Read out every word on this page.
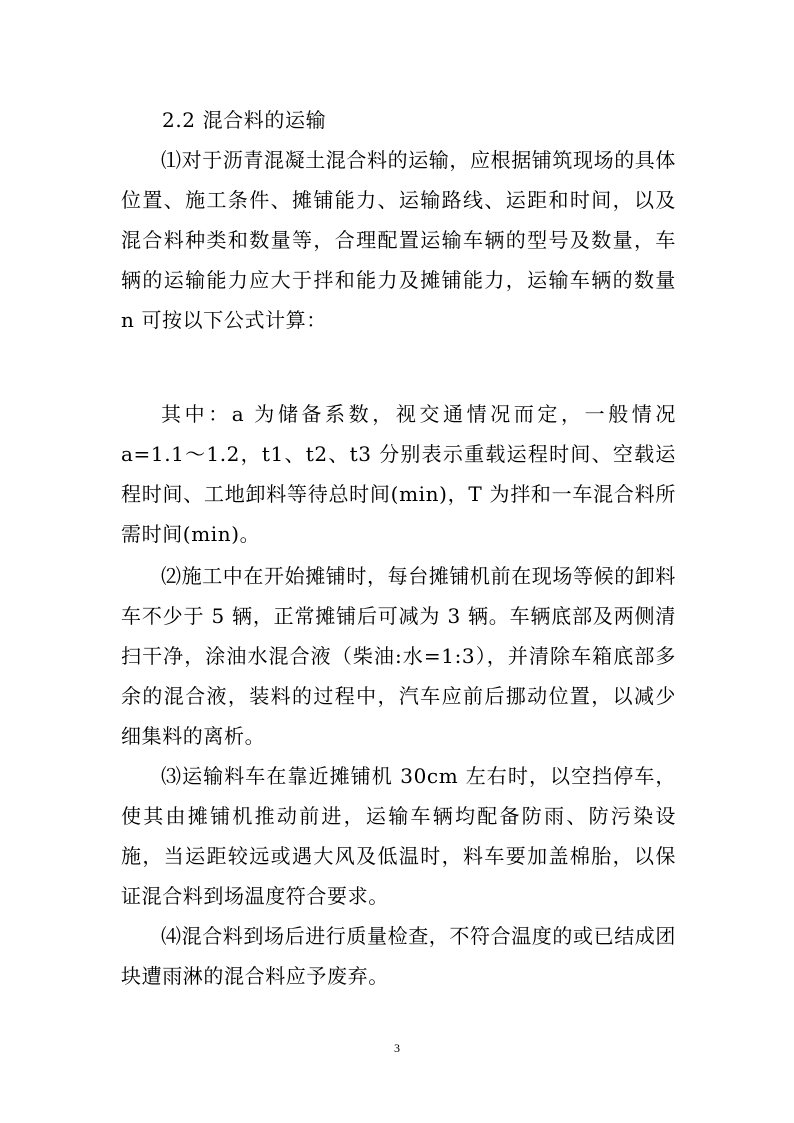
2.2 混合料的运输

⑴对于沥青混凝土混合料的运输，应根据铺筑现场的具体位置、施工条件、摊铺能力、运输路线、运距和时间，以及混合料种类和数量等，合理配置运输车辆的型号及数量，车辆的运输能力应大于拌和能力及摊铺能力，运输车辆的数量 n 可按以下公式计算：

其中：a 为储备系数，视交通情况而定，一般情况 a=1.1～1.2，t1、t2、t3 分别表示重载运程时间、空载运程时间、工地卸料等待总时间(min)，T 为拌和一车混合料所需时间(min)。

⑵施工中在开始摊铺时，每台摊铺机前在现场等候的卸料车不少于 5 辆，正常摊铺后可减为 3 辆。车辆底部及两侧清扫干净，涂油水混合液（柴油:水=1:3），并清除车箱底部多余的混合液，装料的过程中，汽车应前后挪动位置，以减少细集料的离析。

⑶运输料车在靠近摊铺机 30cm 左右时，以空挡停车，使其由摊铺机推动前进，运输车辆均配备防雨、防污染设施，当运距较远或遇大风及低温时，料车要加盖棉胎，以保证混合料到场温度符合要求。

⑷混合料到场后进行质量检查，不符合温度的或已结成团块遭雨淋的混合料应予废弃。

3
